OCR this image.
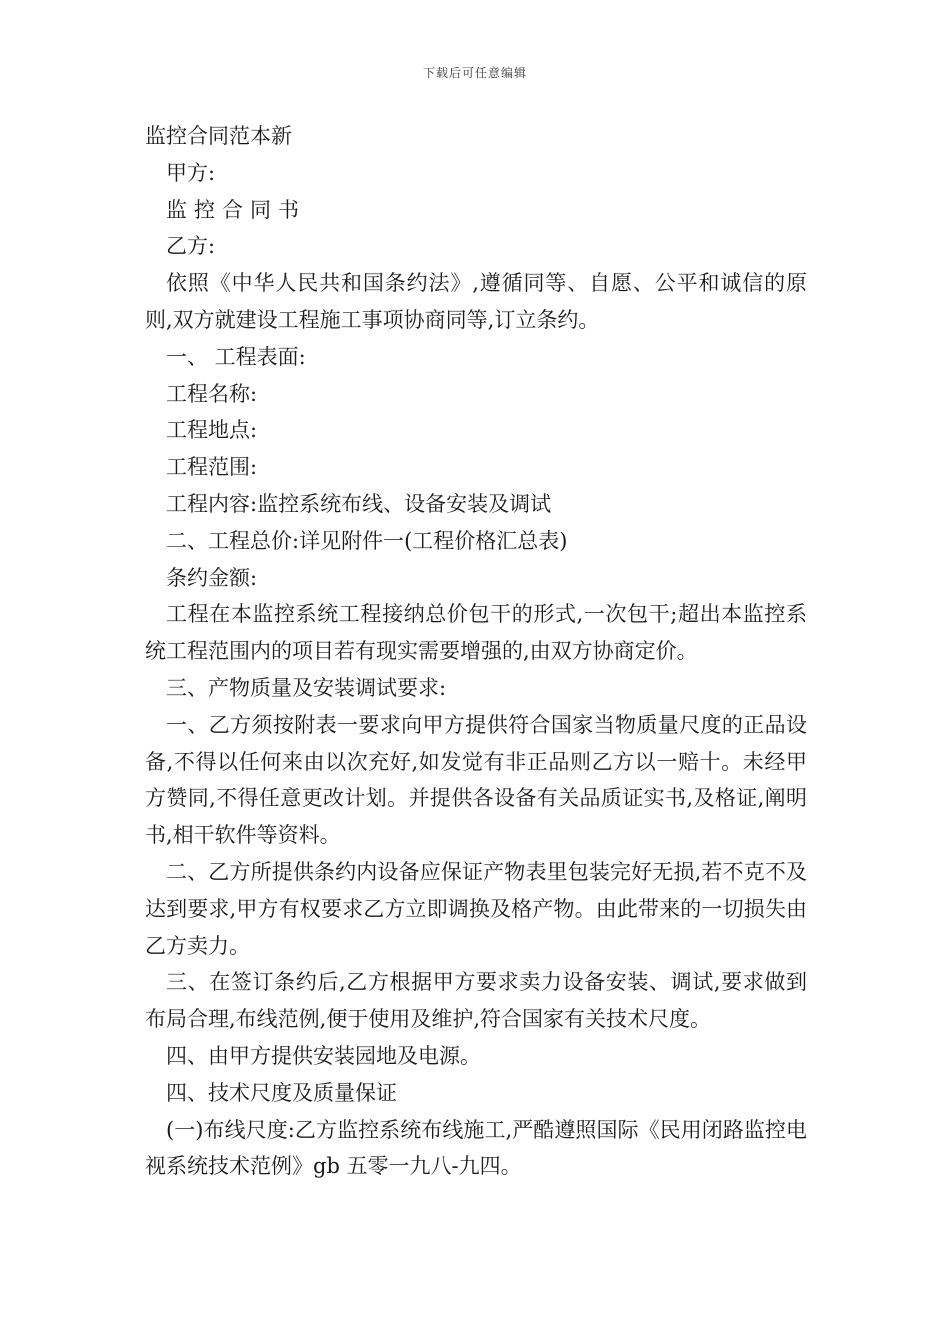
下载后可任意编辑
监控合同范本新

甲方:

监控合同书

乙方:

依照《中华人民共和国条约法》,遵循同等、自愿、公平和诚信的原则,双方就建设工程施工事项协商同等,订立条约。

一、 工程表面:

工程名称:

工程地点:

工程范围:

工程内容:监控系统布线、设备安装及调试

二、工程总价:详见附件一(工程价格汇总表)

条约金额:

工程在本监控系统工程接纳总价包干的形式,一次包干;超出本监控系统工程范围内的项目若有现实需要增强的,由双方协商定价。

三、产物质量及安装调试要求:

一、乙方须按附表一要求向甲方提供符合国家当物质量尺度的正品设备,不得以任何来由以次充好,如发觉有非正品则乙方以一赔十。未经甲方赞同,不得任意更改计划。并提供各设备有关品质证实书,及格证,阐明书,相干软件等资料。

二、乙方所提供条约内设备应保证产物表里包装完好无损,若不克不及达到要求,甲方有权要求乙方立即调换及格产物。由此带来的一切损失由乙方卖力。

三、在签订条约后,乙方根据甲方要求卖力设备安装、调试,要求做到布局合理,布线范例,便于使用及维护,符合国家有关技术尺度。

四、由甲方提供安装园地及电源。

四、技术尺度及质量保证

(一)布线尺度:乙方监控系统布线施工,严酷遵照国际《民用闭路监控电视系统技术范例》gb 五零一九八-九四。
